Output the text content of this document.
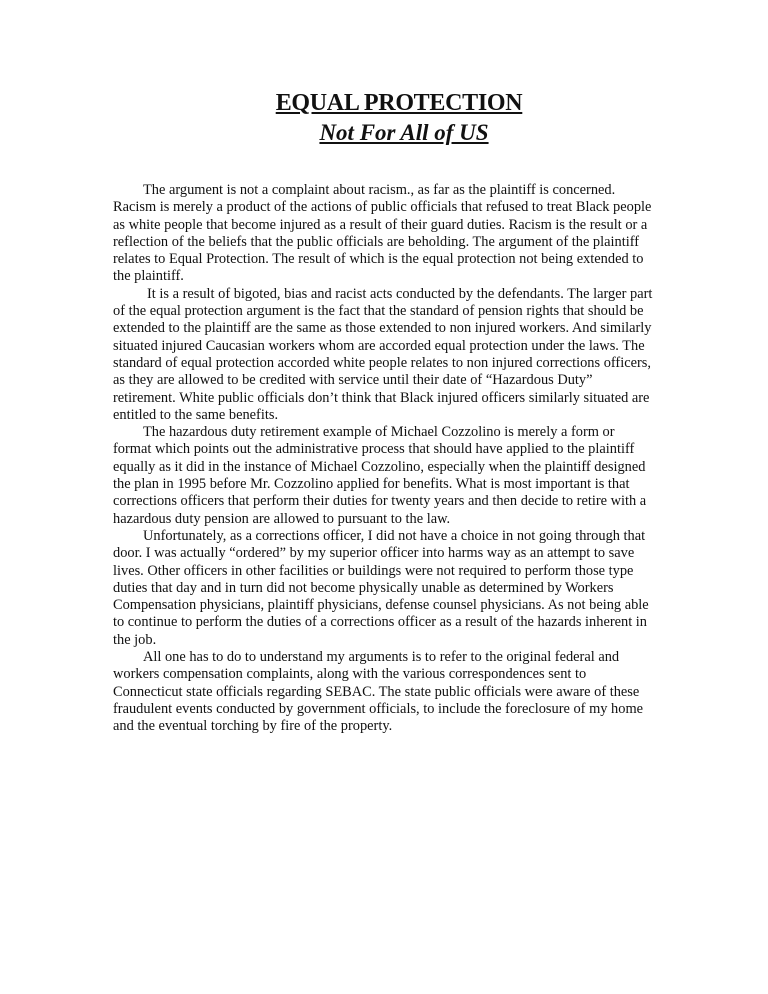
EQUAL PROTECTION
Not For All of US

The argument is not a complaint about racism., as far as the plaintiff is concerned. Racism is merely a product of the actions of public officials that refused to treat Black people as white people that become injured as a result of their guard duties. Racism is the result or a reflection of the beliefs that the public officials are beholding. The argument of the plaintiff relates to Equal Protection. The result of which is the equal protection not being extended to the plaintiff.

It is a result of bigoted, bias and racist acts conducted by the defendants. The larger part of the equal protection argument is the fact that the standard of pension rights that should be extended to the plaintiff are the same as those extended to non injured workers. And similarly situated injured Caucasian workers whom are accorded equal protection under the laws. The standard of equal protection accorded white people relates to non injured corrections officers, as they are allowed to be credited with service until their date of “Hazardous Duty” retirement. White public officials don’t think that Black injured officers similarly situated are entitled to the same benefits.

The hazardous duty retirement example of Michael Cozzolino is merely a form or format which points out the administrative process that should have applied to the plaintiff equally as it did in the instance of Michael Cozzolino, especially when the plaintiff designed the plan in 1995 before Mr. Cozzolino applied for benefits. What is most important is that corrections officers that perform their duties for twenty years and then decide to retire with a hazardous duty pension are allowed to pursuant to the law.

Unfortunately, as a corrections officer, I did not have a choice in not going through that door. I was actually “ordered” by my superior officer into harms way as an attempt to save lives. Other officers in other facilities or buildings were not required to perform those type duties that day and in turn did not become physically unable as determined by Workers Compensation physicians, plaintiff physicians, defense counsel physicians. As not being able to continue to perform the duties of a corrections officer as a result of the hazards inherent in the job.

All one has to do to understand my arguments is to refer to the original federal and workers compensation complaints, along with the various correspondences sent to Connecticut state officials regarding SEBAC. The state public officials were aware of these fraudulent events conducted by government officials, to include the foreclosure of my home and the eventual torching by fire of the property.
